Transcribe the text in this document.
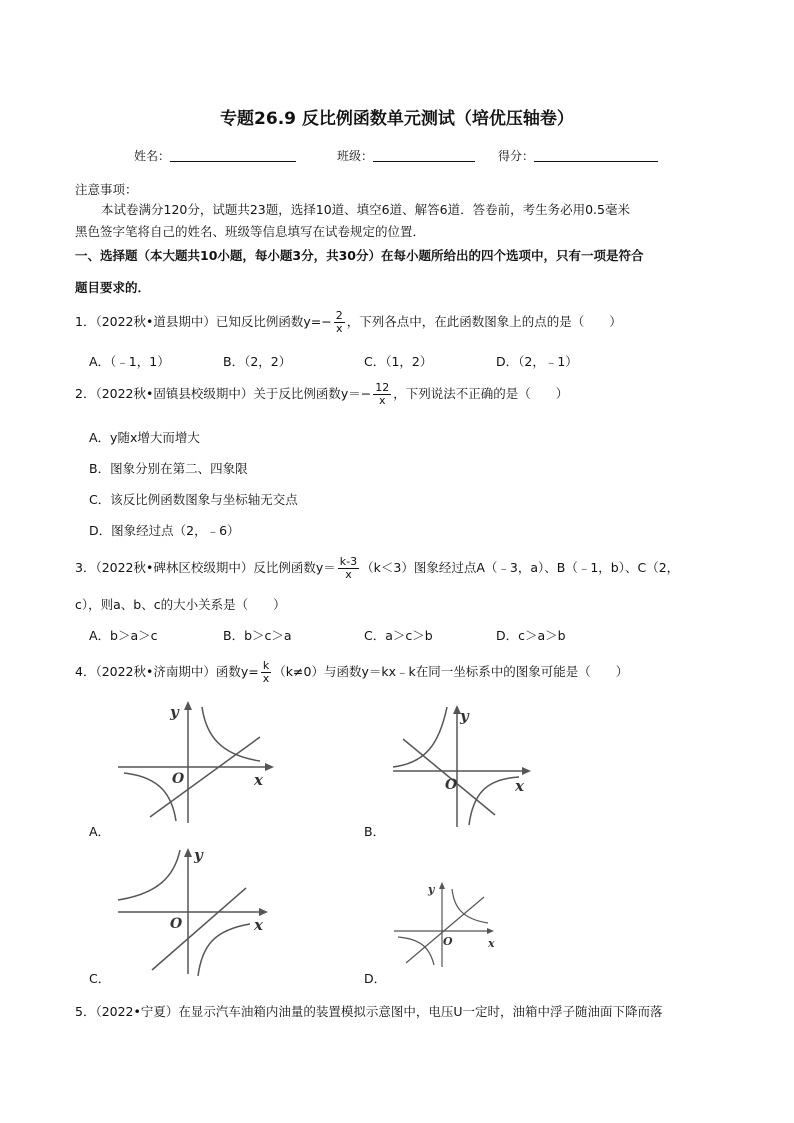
专题26.9 反比例函数单元测试（培优压轴卷）
姓名：	班级：	得分：
注意事项：
本试卷满分120分，试题共23题，选择10道、填空6道、解答6道．答卷前，考生务必用0.5毫米
黑色签字笔将自己的姓名、班级等信息填写在试卷规定的位置．
一、选择题（本大题共10小题，每小题3分，共30分）在每小题所给出的四个选项中，只有一项是符合
题目要求的．
1．（2022秋•道县期中）已知反比例函数$y=- \frac{2}{x}$ ，下列各点中，在此函数图象上的点的是（　　）
A．（﹣1，1）	B．（2，2）	C．（1，2）	D．（2，﹣1）
2．（2022秋•固镇县校级期中）关于反比例函数$y=- \frac{12}{x}$ ，下列说法不正确的是（　　）
A．y随x增大而增大
B．图象分别在第二、四象限
C．该反比例函数图象与坐标轴无交点
D．图象经过点（2，﹣6）
3．（2022秋•碑林区校级期中）反比例函数$y= \frac{k-3}{x} (k<3)$图象经过点A（﹣3，a）、B（﹣1，b）、C（2，
c），则a、b、c的大小关系是（　　）
A．b＞a＞c	B．b＞c＞a	C．a＞c＞b	D．c＞a＞b
4．（2022秋•济南期中）函数$y= \frac{k}{x} (k\ne 0)$与函数y＝kx﹣k在同一坐标系中的图象可能是（　　）
y
x
O
A．
O	x
y
B．
y
O	x
C．
y
O	x
D．
5．（2022•宁夏）在显示汽车油箱内油量的装置模拟示意图中，电压U一定时，油箱中浮子随油面下降而落
